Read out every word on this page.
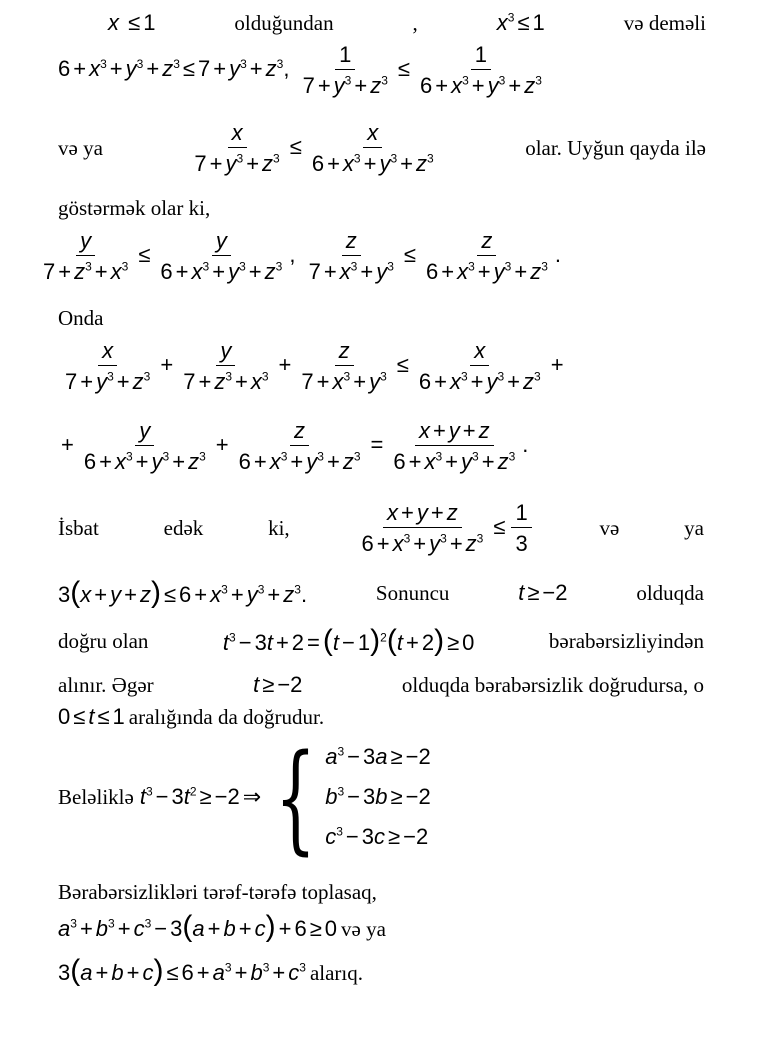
x ≤ 1	olduğundan	,	$x^3 \le 1$	və deməli
$6 + x^3 + y^3 + z^3 \le 7 + y^3 + z^3$, $\frac{1}{7 + y^3 + z^3} \le \frac{1}{6 + x^3 + y^3 + z^3}$
və ya	$\frac{x}{7 + y^3 + z^3} \le \frac{x}{6 + x^3 + y^3 + z^3}$	olar. Uyğun qayda ilə
göstərmək olar ki,
$\frac{y}{7 + z^3 + x^3} \le \frac{y}{6 + x^3 + y^3 + z^3}$ , $\frac{z}{7 + x^3 + y^3} \le \frac{z}{6 + x^3 + y^3 + z^3}$ .
Onda
$\frac{x}{7 + y^3 + z^3} + \frac{y}{7 + z^3 + x^3} + \frac{z}{7 + x^3 + y^3} \le \frac{x}{6 + x^3 + y^3 + z^3}$ +
+ $\frac{y}{6 + x^3 + y^3 + z^3} + \frac{z}{6 + x^3 + y^3 + z^3} = \frac{x + y + z}{6 + x^3 + y^3 + z^3}$ .
İsbat	edək	ki,	$\frac{x + y + z}{6 + x^3 + y^3 + z^3} \le \frac{1}{3}$	və	ya
$3(x + y + z) \le 6 + x^3 + y^3 + z^3$.	Sonuncu	t ≥ −2	olduqda
doğru olan	$t^3 - 3t + 2 = (t - 1)^2(t + 2) \ge 0$	bərabərsizliyindən
alınır. Əgər	t ≥ −2	olduqda bərabərsizlik doğrudursa, o
0 ≤ t ≤ 1 aralığında da doğrudur.
Beləliklə $t^3 - 3t^2 \ge -2$ ⇒ { $a^3 - 3a \ge -2$
$b^3 - 3b \ge -2$
$c^3 - 3c \ge -2$
Bərabərsizlikləri tərəf-tərəfə toplasaq,
$a^3 + b^3 + c^3 - 3(a + b + c) + 6 \ge 0$ və ya
$3(a + b + c) \le 6 + a^3 + b^3 + c^3$ alarıq.
